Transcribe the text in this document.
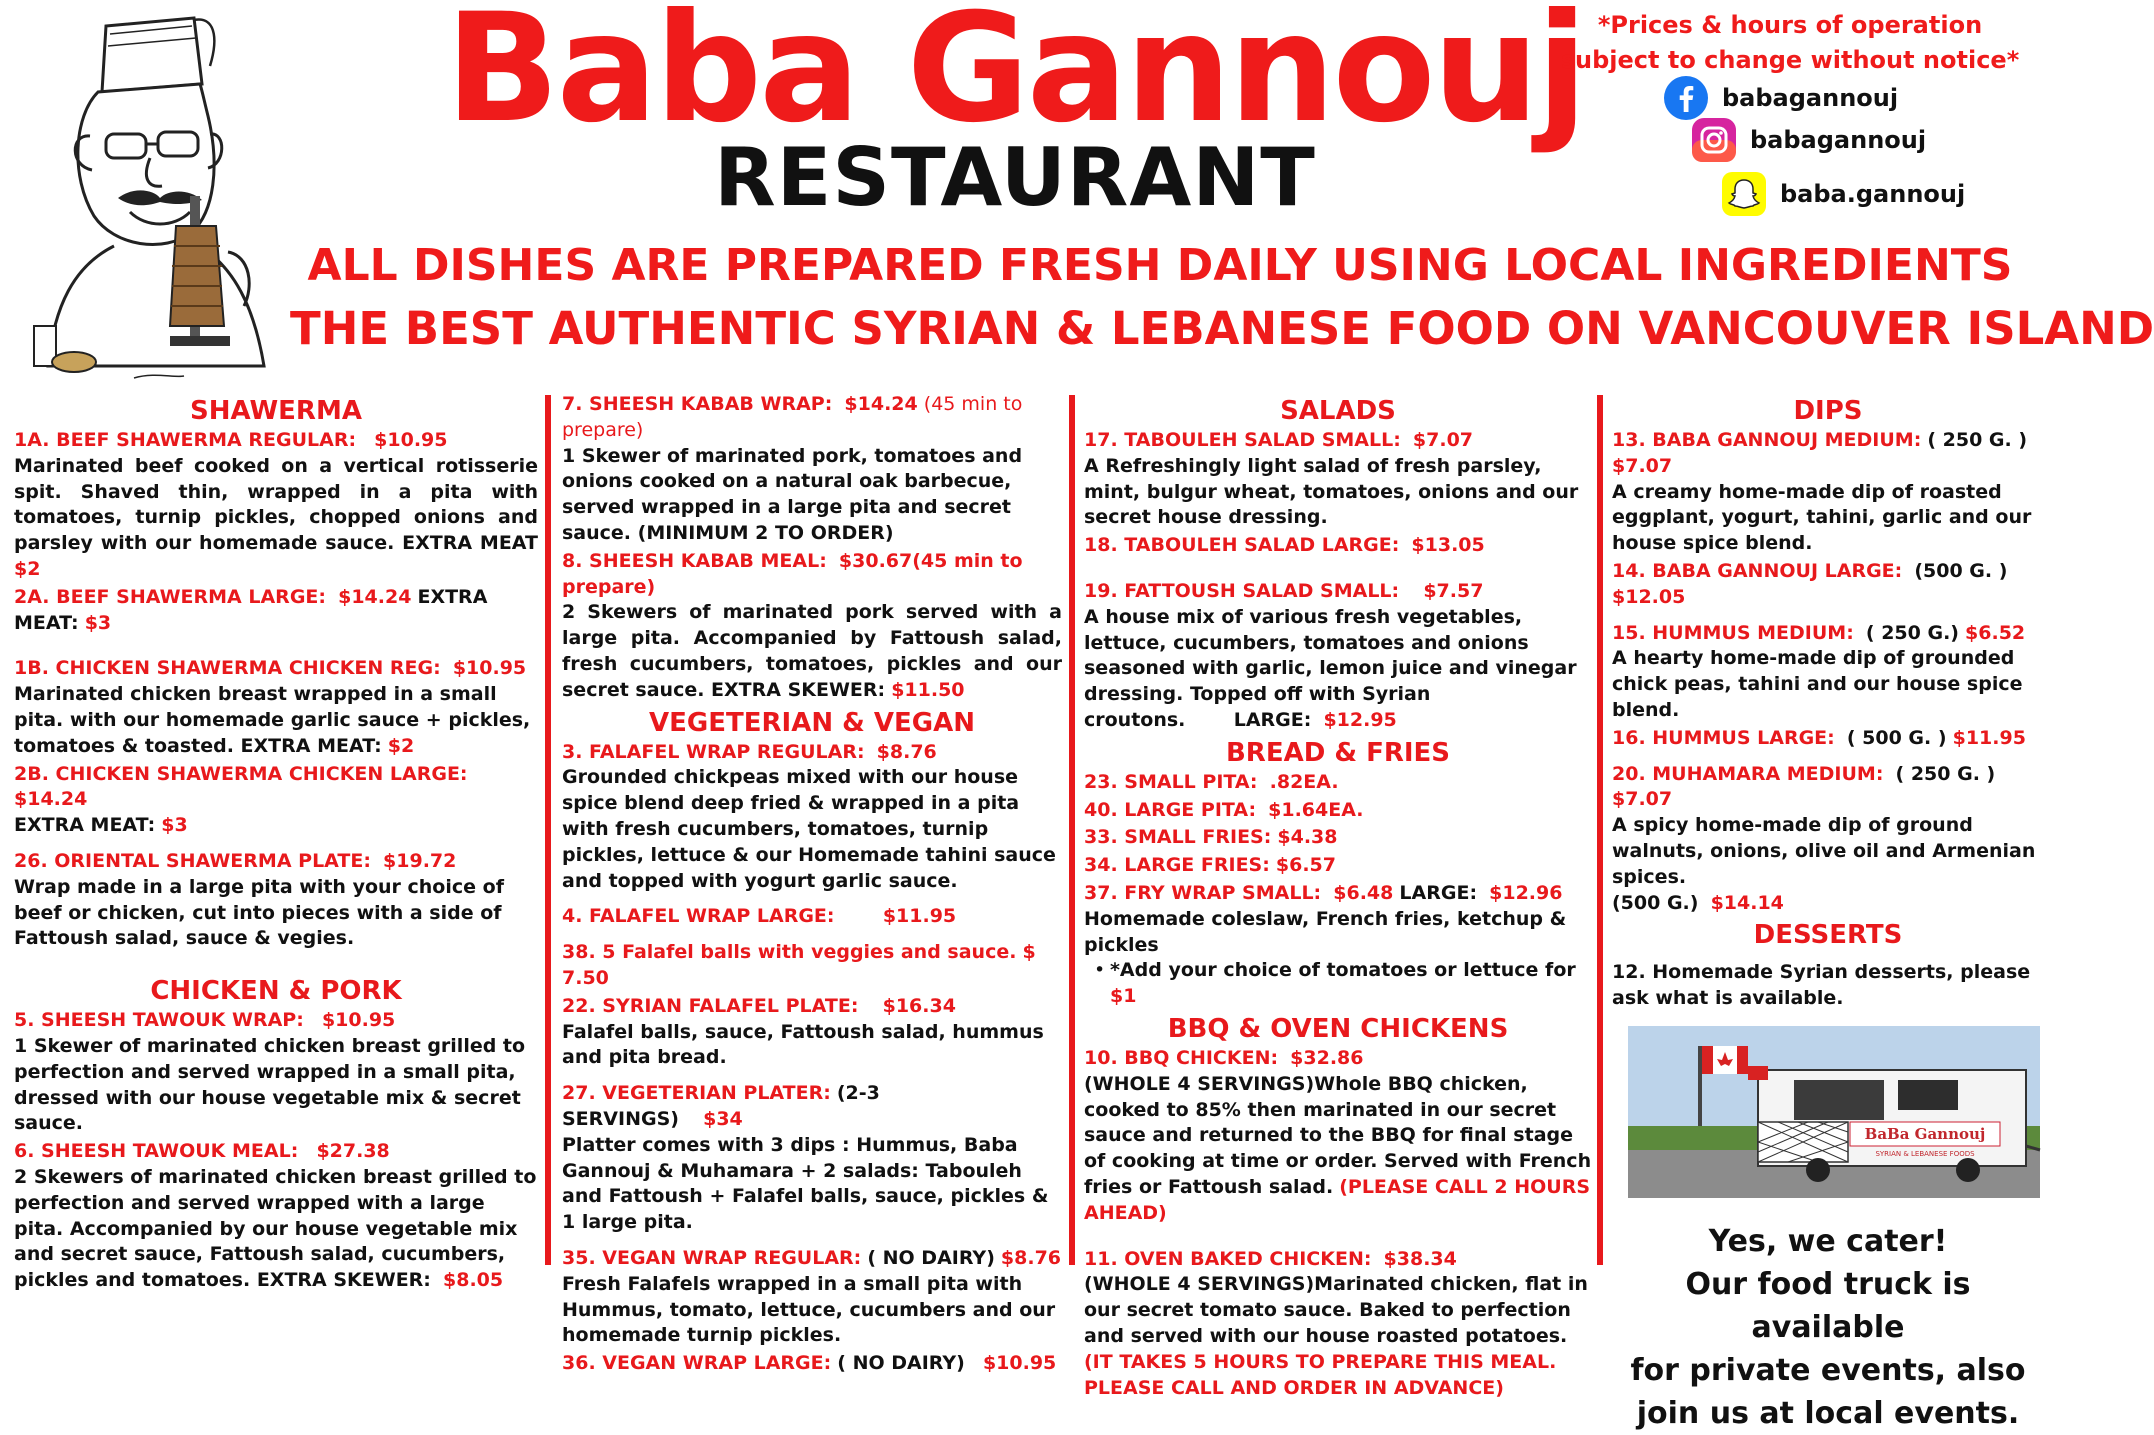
Baba Gannouj
RESTAURANT
ALL DISHES ARE PREPARED FRESH DAILY USING LOCAL INGREDIENTS
THE BEST AUTHENTIC SYRIAN & LEBANESE FOOD ON VANCOUVER ISLAND
*Prices & hours of operation
subject to change without notice*
babagannouj
babagannouj
baba.gannouj
SHAWERMA
1A. BEEF SHAWERMA REGULAR: $10.95
Marinated beef cooked on a vertical rotisserie spit. Shaved thin, wrapped in a pita with tomatoes, turnip pickles, chopped onions and parsley with our homemade sauce. EXTRA MEAT $2
2A. BEEF SHAWERMA LARGE: $14.24 EXTRA MEAT: $3
1B. CHICKEN SHAWERMA CHICKEN REG: $10.95
Marinated chicken breast wrapped in a small pita. with our homemade garlic sauce + pickles, tomatoes & toasted. EXTRA MEAT: $2
2B. CHICKEN SHAWERMA CHICKEN LARGE: $14.24
EXTRA MEAT: $3
26. ORIENTAL SHAWERMA PLATE: $19.72
Wrap made in a large pita with your choice of beef or chicken, cut into pieces with a side of Fattoush salad, sauce & vegies.
CHICKEN & PORK
5. SHEESH TAWOUK WRAP: $10.95
1 Skewer of marinated chicken breast grilled to perfection and served wrapped in a small pita, dressed with our house vegetable mix & secret sauce.
6. SHEESH TAWOUK MEAL: $27.38
2 Skewers of marinated chicken breast grilled to perfection and served wrapped with a large pita. Accompanied by our house vegetable mix and secret sauce, Fattoush salad, cucumbers, pickles and tomatoes. EXTRA SKEWER: $8.05
7. SHEESH KABAB WRAP: $14.24 (45 min to prepare)
1 Skewer of marinated pork, tomatoes and onions cooked on a natural oak barbecue, served wrapped in a large pita and secret sauce. (MINIMUM 2 TO ORDER)
8. SHEESH KABAB MEAL: $30.67(45 min to prepare)
2 Skewers of marinated pork served with a large pita. Accompanied by Fattoush salad, fresh cucumbers, tomatoes, pickles and our secret sauce. EXTRA SKEWER: $11.50
VEGETERIAN & VEGAN
3. FALAFEL WRAP REGULAR: $8.76
Grounded chickpeas mixed with our house spice blend deep fried & wrapped in a pita with fresh cucumbers, tomatoes, turnip pickles, lettuce & our Homemade tahini sauce and topped with yogurt garlic sauce.
4. FALAFEL WRAP LARGE:	$11.95
38. 5 Falafel balls with veggies and sauce. $ 7.50
22. SYRIAN FALAFEL PLATE: $16.34
Falafel balls, sauce, Fattoush salad, hummus and pita bread.
27. VEGETERIAN PLATER: (2-3 SERVINGS) $34
Platter comes with 3 dips : Hummus, Baba Gannouj & Muhamara + 2 salads: Tabouleh and Fattoush + Falafel balls, sauce, pickles & 1 large pita.
35. VEGAN WRAP REGULAR: ( NO DAIRY) $8.76
Fresh Falafels wrapped in a small pita with Hummus, tomato, lettuce, cucumbers and our homemade turnip pickles.
36. VEGAN WRAP LARGE: ( NO DAIRY) $10.95
SALADS
17. TABOULEH SALAD SMALL: $7.07
A Refreshingly light salad of fresh parsley, mint, bulgur wheat, tomatoes, onions and our secret house dressing.
18. TABOULEH SALAD LARGE: $13.05
19. FATTOUSH SALAD SMALL: $7.57
A house mix of various fresh vegetables, lettuce, cucumbers, tomatoes and onions seasoned with garlic, lemon juice and vinegar dressing. Topped off with Syrian croutons.	LARGE: $12.95
BREAD & FRIES
23. SMALL PITA: .82EA.
40. LARGE PITA: $1.64EA.
33. SMALL FRIES: $4.38
34. LARGE FRIES: $6.57
37. FRY WRAP SMALL: $6.48 LARGE: $12.96
Homemade coleslaw, French fries, ketchup & pickles
• *Add your choice of tomatoes or lettuce for $1
BBQ & OVEN CHICKENS
10. BBQ CHICKEN: $32.86
(WHOLE 4 SERVINGS)Whole BBQ chicken, cooked to 85% then marinated in our secret sauce and returned to the BBQ for final stage of cooking at time or order. Served with French fries or Fattoush salad. (PLEASE CALL 2 HOURS AHEAD)
11. OVEN BAKED CHICKEN: $38.34
(WHOLE 4 SERVINGS)Marinated chicken, flat in our secret tomato sauce. Baked to perfection and served with our house roasted potatoes. (IT TAKES 5 HOURS TO PREPARE THIS MEAL. PLEASE CALL AND ORDER IN ADVANCE)
DIPS
13. BABA GANNOUJ MEDIUM: ( 250 G. ) $7.07
A creamy home-made dip of roasted eggplant, yogurt, tahini, garlic and our house spice blend.
14. BABA GANNOUJ LARGE: (500 G. ) $12.05
15. HUMMUS MEDIUM: ( 250 G.) $6.52
A hearty home-made dip of grounded chick peas, tahini and our house spice blend.
16. HUMMUS LARGE: ( 500 G. ) $11.95
20. MUHAMARA MEDIUM: ( 250 G. ) $7.07
A spicy home-made dip of ground walnuts, onions, olive oil and Armenian spices.
(500 G.) $14.14
DESSERTS
12. Homemade Syrian desserts, please ask what is available.
BaBa Gannouj
SYRIAN & LEBANESE FOODS
Yes, we cater!
Our food truck is available
for private events, also
join us at local events.
